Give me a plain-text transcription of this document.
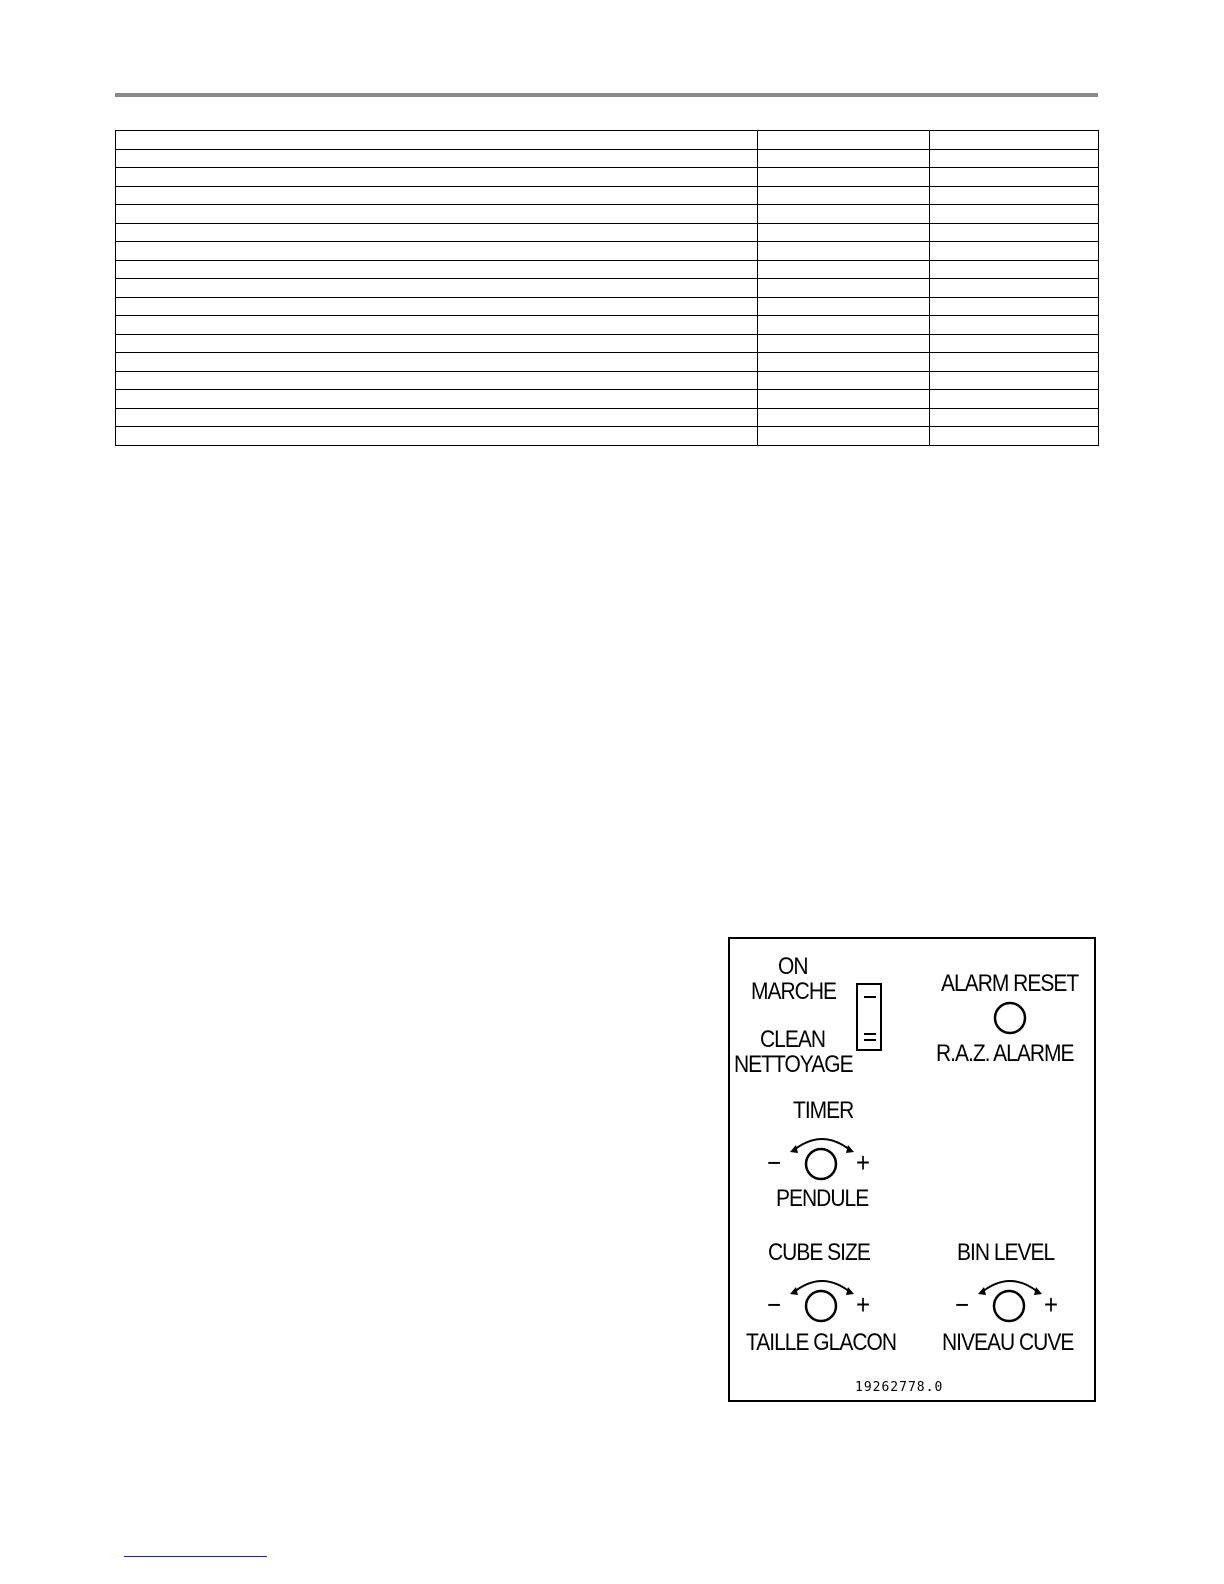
ON
MARCHE
CLEAN
NETTOYAGE
ALARM RESET
R.A.Z. ALARME
TIMER
−	+
PENDULE
CUBE SIZE
−	+
TAILLE GLACON
BIN LEVEL
−	+
NIVEAU CUVE
19262778.0
